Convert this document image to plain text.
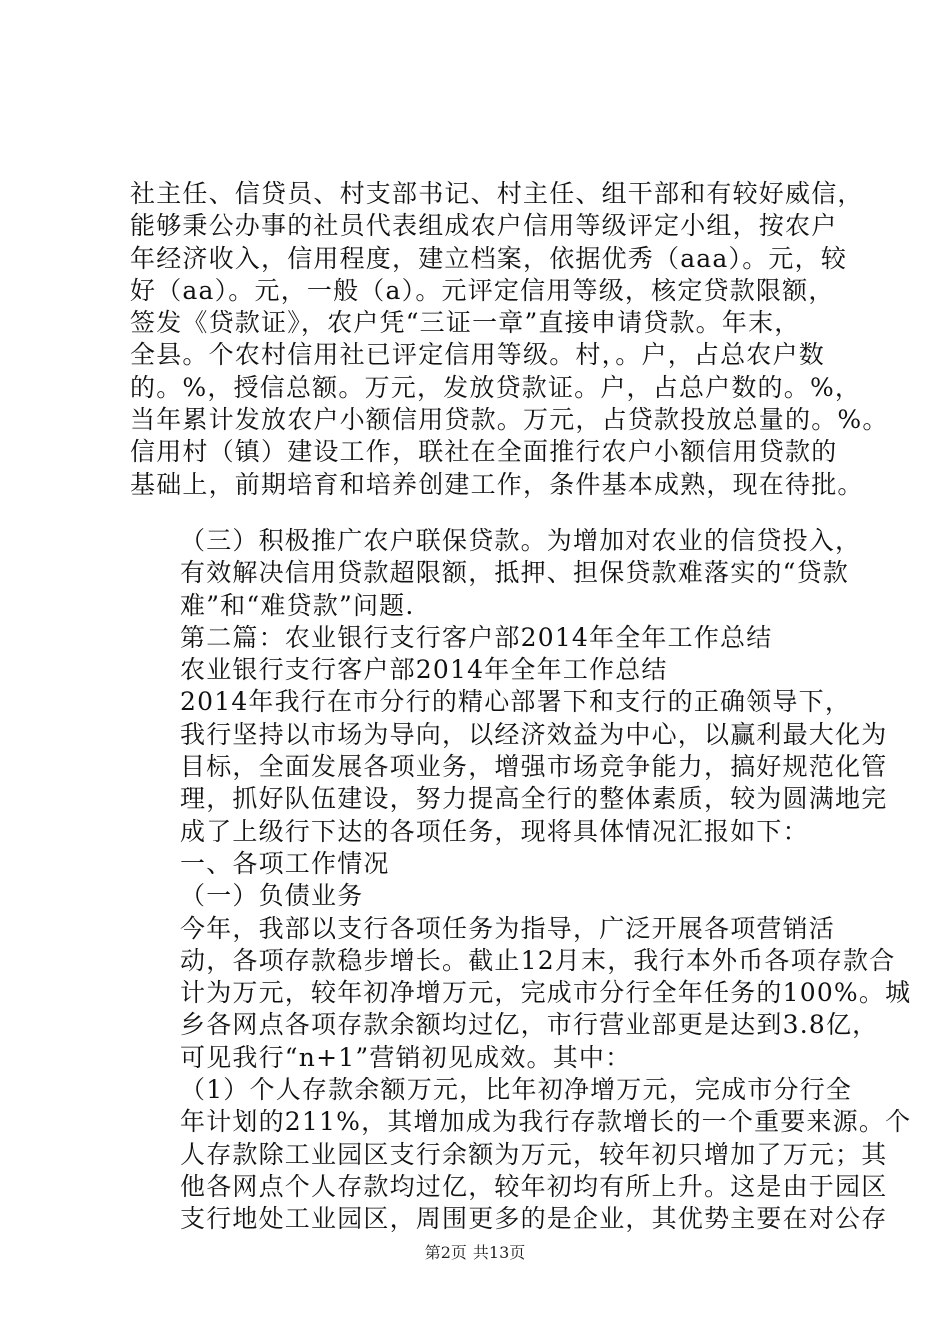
社主任、信贷员、村支部书记、村主任、组干部和有较好威信，
能够秉公办事的社员代表组成农户信用等级评定小组，按农户
年经济收入，信用程度，建立档案，依据优秀（aaa）。元，较
好（aa）。元，一般（a）。元评定信用等级，核定贷款限额，
签发《贷款证》，农户凭“三证一章”直接申请贷款。年末，
全县。个农村信用社已评定信用等级。村，。户，占总农户数
的。%，授信总额。万元，发放贷款证。户，占总户数的。%，
当年累计发放农户小额信用贷款。万元，占贷款投放总量的。%。
信用村（镇）建设工作，联社在全面推行农户小额信用贷款的
基础上，前期培育和培养创建工作，条件基本成熟，现在待批。

（三）积极推广农户联保贷款。为增加对农业的信贷投入，
有效解决信用贷款超限额，抵押、担保贷款难落实的“贷款
难”和“难贷款”问题.

第二篇：农业银行支行客户部2014年全年工作总结

农业银行支行客户部2014年全年工作总结

2014年我行在市分行的精心部署下和支行的正确领导下，
我行坚持以市场为导向，以经济效益为中心，以赢利最大化为
目标，全面发展各项业务，增强市场竞争能力，搞好规范化管
理，抓好队伍建设，努力提高全行的整体素质，较为圆满地完
成了上级行下达的各项任务，现将具体情况汇报如下：

一、各项工作情况

（一）负债业务

今年，我部以支行各项任务为指导，广泛开展各项营销活
动，各项存款稳步增长。截止12月末，我行本外币各项存款合
计为万元，较年初净增万元，完成市分行全年任务的100%。城
乡各网点各项存款余额均过亿，市行营业部更是达到3.8亿，
可见我行“n+1”营销初见成效。其中：

（1）个人存款余额万元，比年初净增万元，完成市分行全
年计划的211%，其增加成为我行存款增长的一个重要来源。个
人存款除工业园区支行余额为万元，较年初只增加了万元；其
他各网点个人存款均过亿，较年初均有所上升。这是由于园区
支行地处工业园区，周围更多的是企业，其优势主要在对公存

第2页 共13页
